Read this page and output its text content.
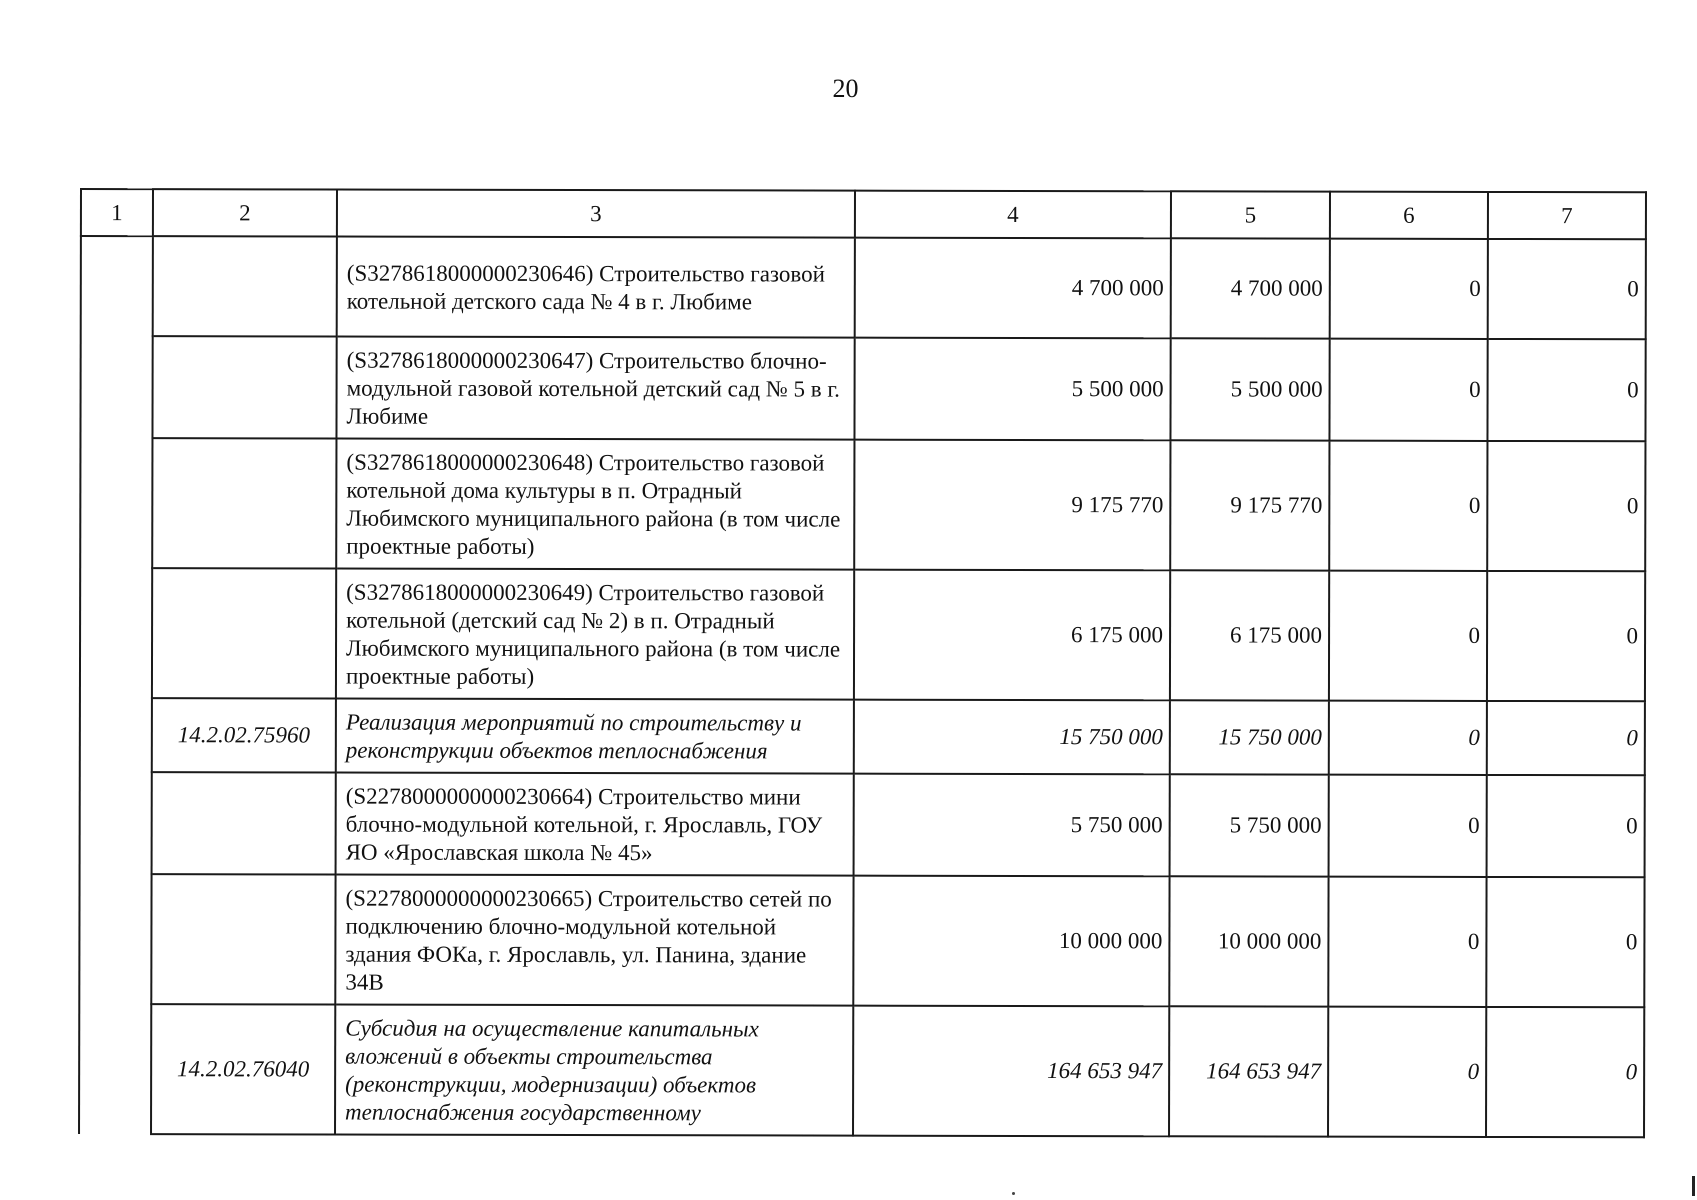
20
1	2	3	4	5	6	7
		(S3278618000000230646) Строительство газовой котельной детского сада № 4 в г. Любиме	4 700 000	4 700 000	0	0
		(S3278618000000230647) Строительство блочно-модульной газовой котельной детский сад № 5 в г. Любиме	5 500 000	5 500 000	0	0
		(S3278618000000230648) Строительство газовой котельной дома культуры в п. Отрадный Любимского муниципального района (в том числе проектные работы)	9 175 770	9 175 770	0	0
		(S3278618000000230649) Строительство газовой котельной (детский сад № 2) в п. Отрадный Любимского муниципального района (в том числе проектные работы)	6 175 000	6 175 000	0	0
	14.2.02.75960	Реализация мероприятий по строительству и реконструкции объектов теплоснабжения	15 750 000	15 750 000	0	0
		(S2278000000000230664) Строительство мини блочно-модульной котельной, г. Ярославль, ГОУ ЯО «Ярославская школа № 45»	5 750 000	5 750 000	0	0
		(S2278000000000230665) Строительство сетей по подключению блочно-модульной котельной здания ФОКа, г. Ярославль, ул. Панина, здание 34В	10 000 000	10 000 000	0	0
	14.2.02.76040	Субсидия на осуществление капитальных вложений в объекты строительства (реконструкции, модернизации) объектов теплоснабжения государственному	164 653 947	164 653 947	0	0
